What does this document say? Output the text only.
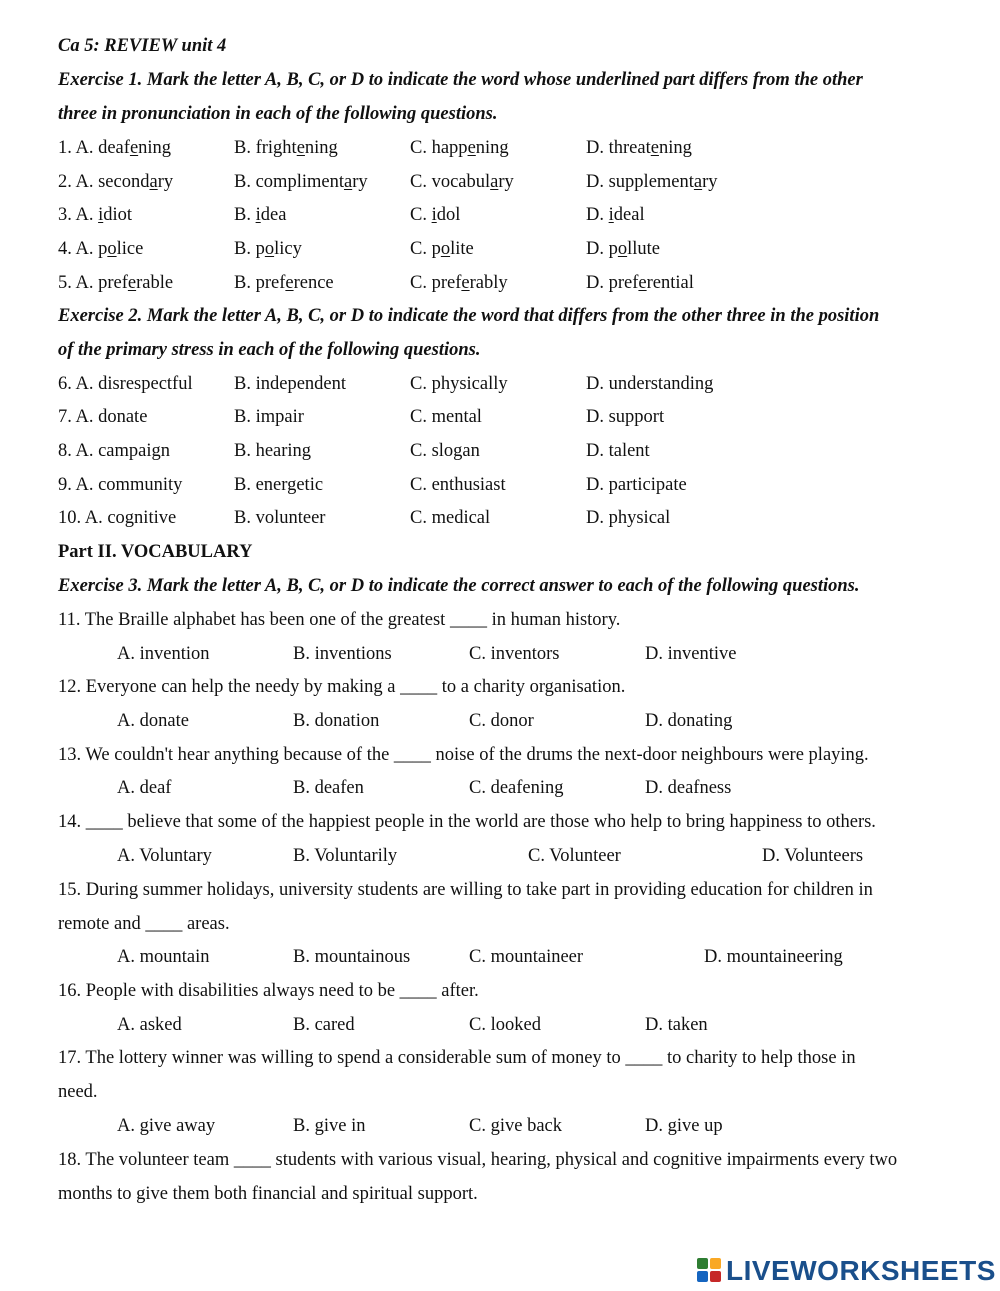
Ca 5: REVIEW unit 4
Exercise 1. Mark the letter A, B, C, or D to indicate the word whose underlined part differs from the other
three in pronunciation in each of the following questions.
1. A. deafening	B. frightening	C. happening	D. threatening
2. A. secondary	B. complimentary C. vocabulary	D. supplementary
3. A. idiot	B. idea	C. idol	D. ideal
4. A. police	B. policy	C. polite	D. pollute
5. A. preferable	B. preference	C. preferably	D. preferential
Exercise 2. Mark the letter A, B, C, or D to indicate the word that differs from the other three in the position
of the primary stress in each of the following questions.
6. A. disrespectful B. independent	C. physically	D. understanding
7. A. donate	B. impair	C. mental	D. support
8. A. campaign	B. hearing	C. slogan	D. talent
9. A. community	B. energetic	C. enthusiast	D. participate
10. A. cognitive	B. volunteer	C. medical	D. physical
Part II. VOCABULARY
Exercise 3. Mark the letter A, B, C, or D to indicate the correct answer to each of the following questions.
11. The Braille alphabet has been one of the greatest ____ in human history.
A. invention	B. inventions	C. inventors	D. inventive
12. Everyone can help the needy by making a ____ to a charity organisation.
A. donate	B. donation	C. donor	D. donating
13. We couldn't hear anything because of the ____ noise of the drums the next-door neighbours were playing.
A. deaf	B. deafen	C. deafening	D. deafness
14. ____ believe that some of the happiest people in the world are those who help to bring happiness to others.
A. Voluntary	B. Voluntarily	C. Volunteer	D. Volunteers
15. During summer holidays, university students are willing to take part in providing education for children in
remote and ____ areas.
A. mountain	B. mountainous	C. mountaineer	D. mountaineering
16. People with disabilities always need to be ____ after.
A. asked	B. cared	C. looked	D. taken
17. The lottery winner was willing to spend a considerable sum of money to ____ to charity to help those in
need.
A. give away	B. give in	C. give back	D. give up
18. The volunteer team ____ students with various visual, hearing, physical and cognitive impairments every two
months to give them both financial and spiritual support.
LIVEWORKSHEETS
